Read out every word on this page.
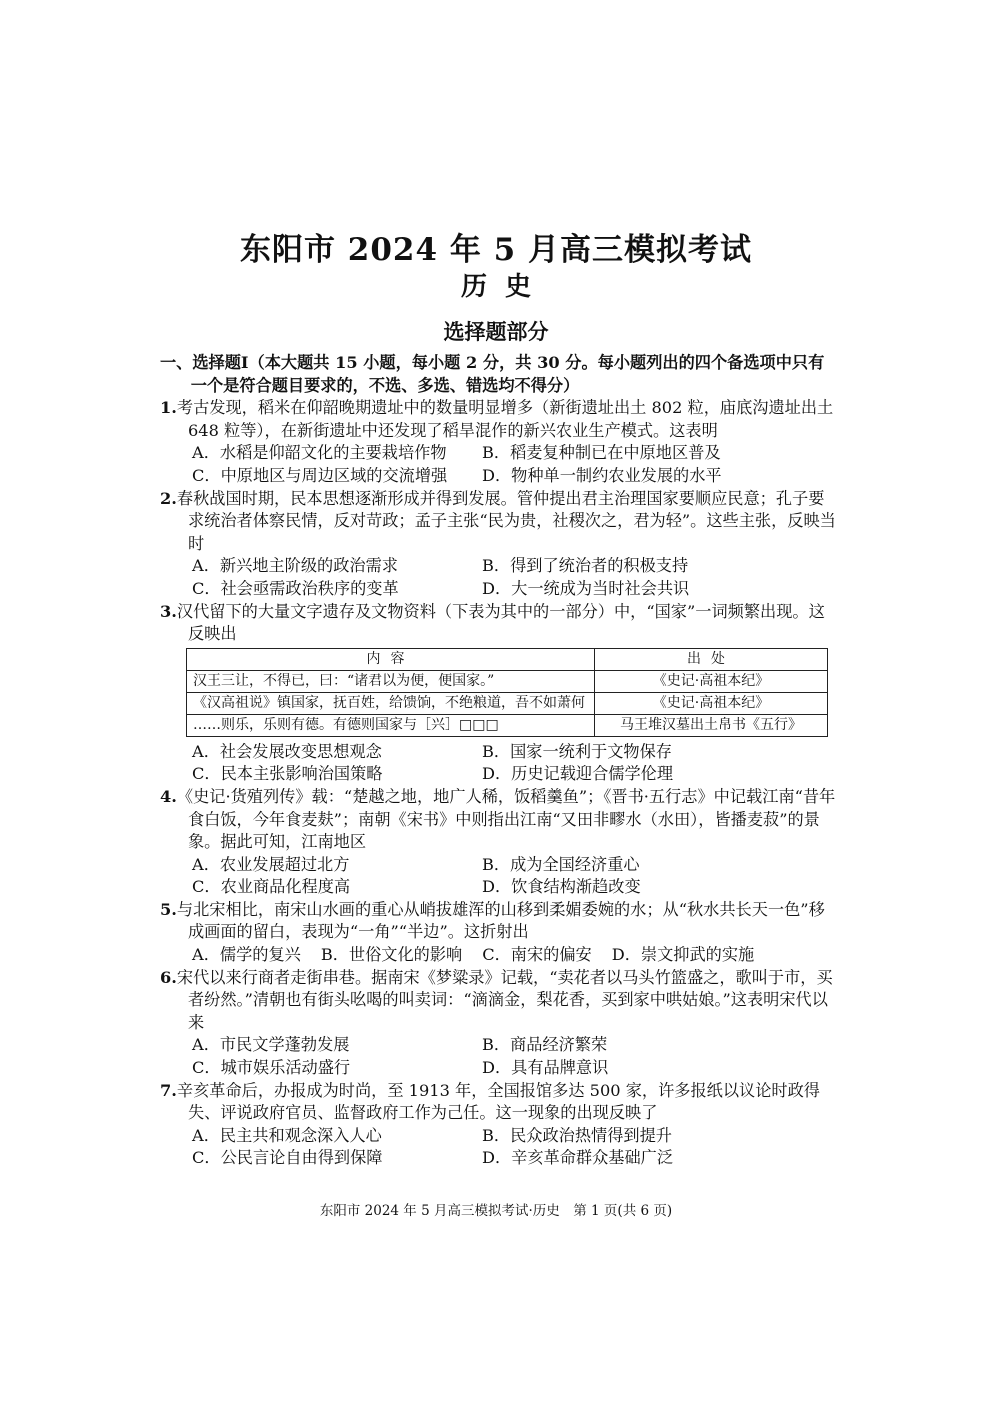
东阳市 2024 年 5 月高三模拟考试
历史
选择题部分

一、选择题Ⅰ（本大题共 15 小题，每小题 2 分，共 30 分。每小题列出的四个备选项中只有一个是符合题目要求的，不选、多选、错选均不得分）

1.考古发现，稻米在仰韶晚期遗址中的数量明显增多（新街遗址出土 802 粒，庙底沟遗址出土 648 粒等），在新街遗址中还发现了稻旱混作的新兴农业生产模式。这表明
A．水稻是仰韶文化的主要栽培作物	B．稻麦复种制已在中原地区普及
C．中原地区与周边区域的交流增强	D．物种单一制约农业发展的水平
2.春秋战国时期，民本思想逐渐形成并得到发展。管仲提出君主治理国家要顺应民意；孔子要求统治者体察民情，反对苛政；孟子主张“民为贵，社稷次之，君为轻”。这些主张，反映当时
A．新兴地主阶级的政治需求	B．得到了统治者的积极支持
C．社会亟需政治秩序的变革	D．大一统成为当时社会共识
3.汉代留下的大量文字遗存及文物资料（下表为其中的一部分）中，“国家”一词频繁出现。这反映出
内容	出处
汉王三让，不得已，曰：“诸君以为便，便国家。”	《史记·高祖本纪》
《汉高祖说》镇国家，抚百姓，给馈饷，不绝粮道，吾不如萧何	《史记·高祖本纪》
……则乐，乐则有德。有德则国家与［兴］□□□	马王堆汉墓出土帛书《五行》
A．社会发展改变思想观念	B．国家一统利于文物保存
C．民本主张影响治国策略	D．历史记载迎合儒学伦理
4.《史记·货殖列传》载：“楚越之地，地广人稀，饭稻羹鱼”；《晋书·五行志》中记载江南“昔年食白饭，今年食麦麸”；南朝《宋书》中则指出江南“又田非疁水（水田），皆播麦菽”的景象。据此可知，江南地区
A．农业发展超过北方	B．成为全国经济重心
C．农业商品化程度高	D．饮食结构渐趋改变
5.与北宋相比，南宋山水画的重心从峭拔雄浑的山移到柔媚委婉的水；从“秋水共长天一色”移成画面的留白，表现为“一角”“半边”。这折射出
A．儒学的复兴 B．世俗文化的影响 C．南宋的偏安 D．崇文抑武的实施
6.宋代以来行商者走街串巷。据南宋《梦粱录》记载，“卖花者以马头竹篮盛之，歌叫于市，买者纷然。”清朝也有街头吆喝的叫卖词：“滴滴金，梨花香，买到家中哄姑娘。”这表明宋代以来
A．市民文学蓬勃发展	B．商品经济繁荣
C．城市娱乐活动盛行	D．具有品牌意识
7.辛亥革命后，办报成为时尚，至 1913 年，全国报馆多达 500 家，许多报纸以议论时政得失、评说政府官员、监督政府工作为己任。这一现象的出现反映了
A．民主共和观念深入人心	B．民众政治热情得到提升
C．公民言论自由得到保障	D．辛亥革命群众基础广泛
东阳市 2024 年 5 月高三模拟考试·历史　第 1 页(共 6 页)
